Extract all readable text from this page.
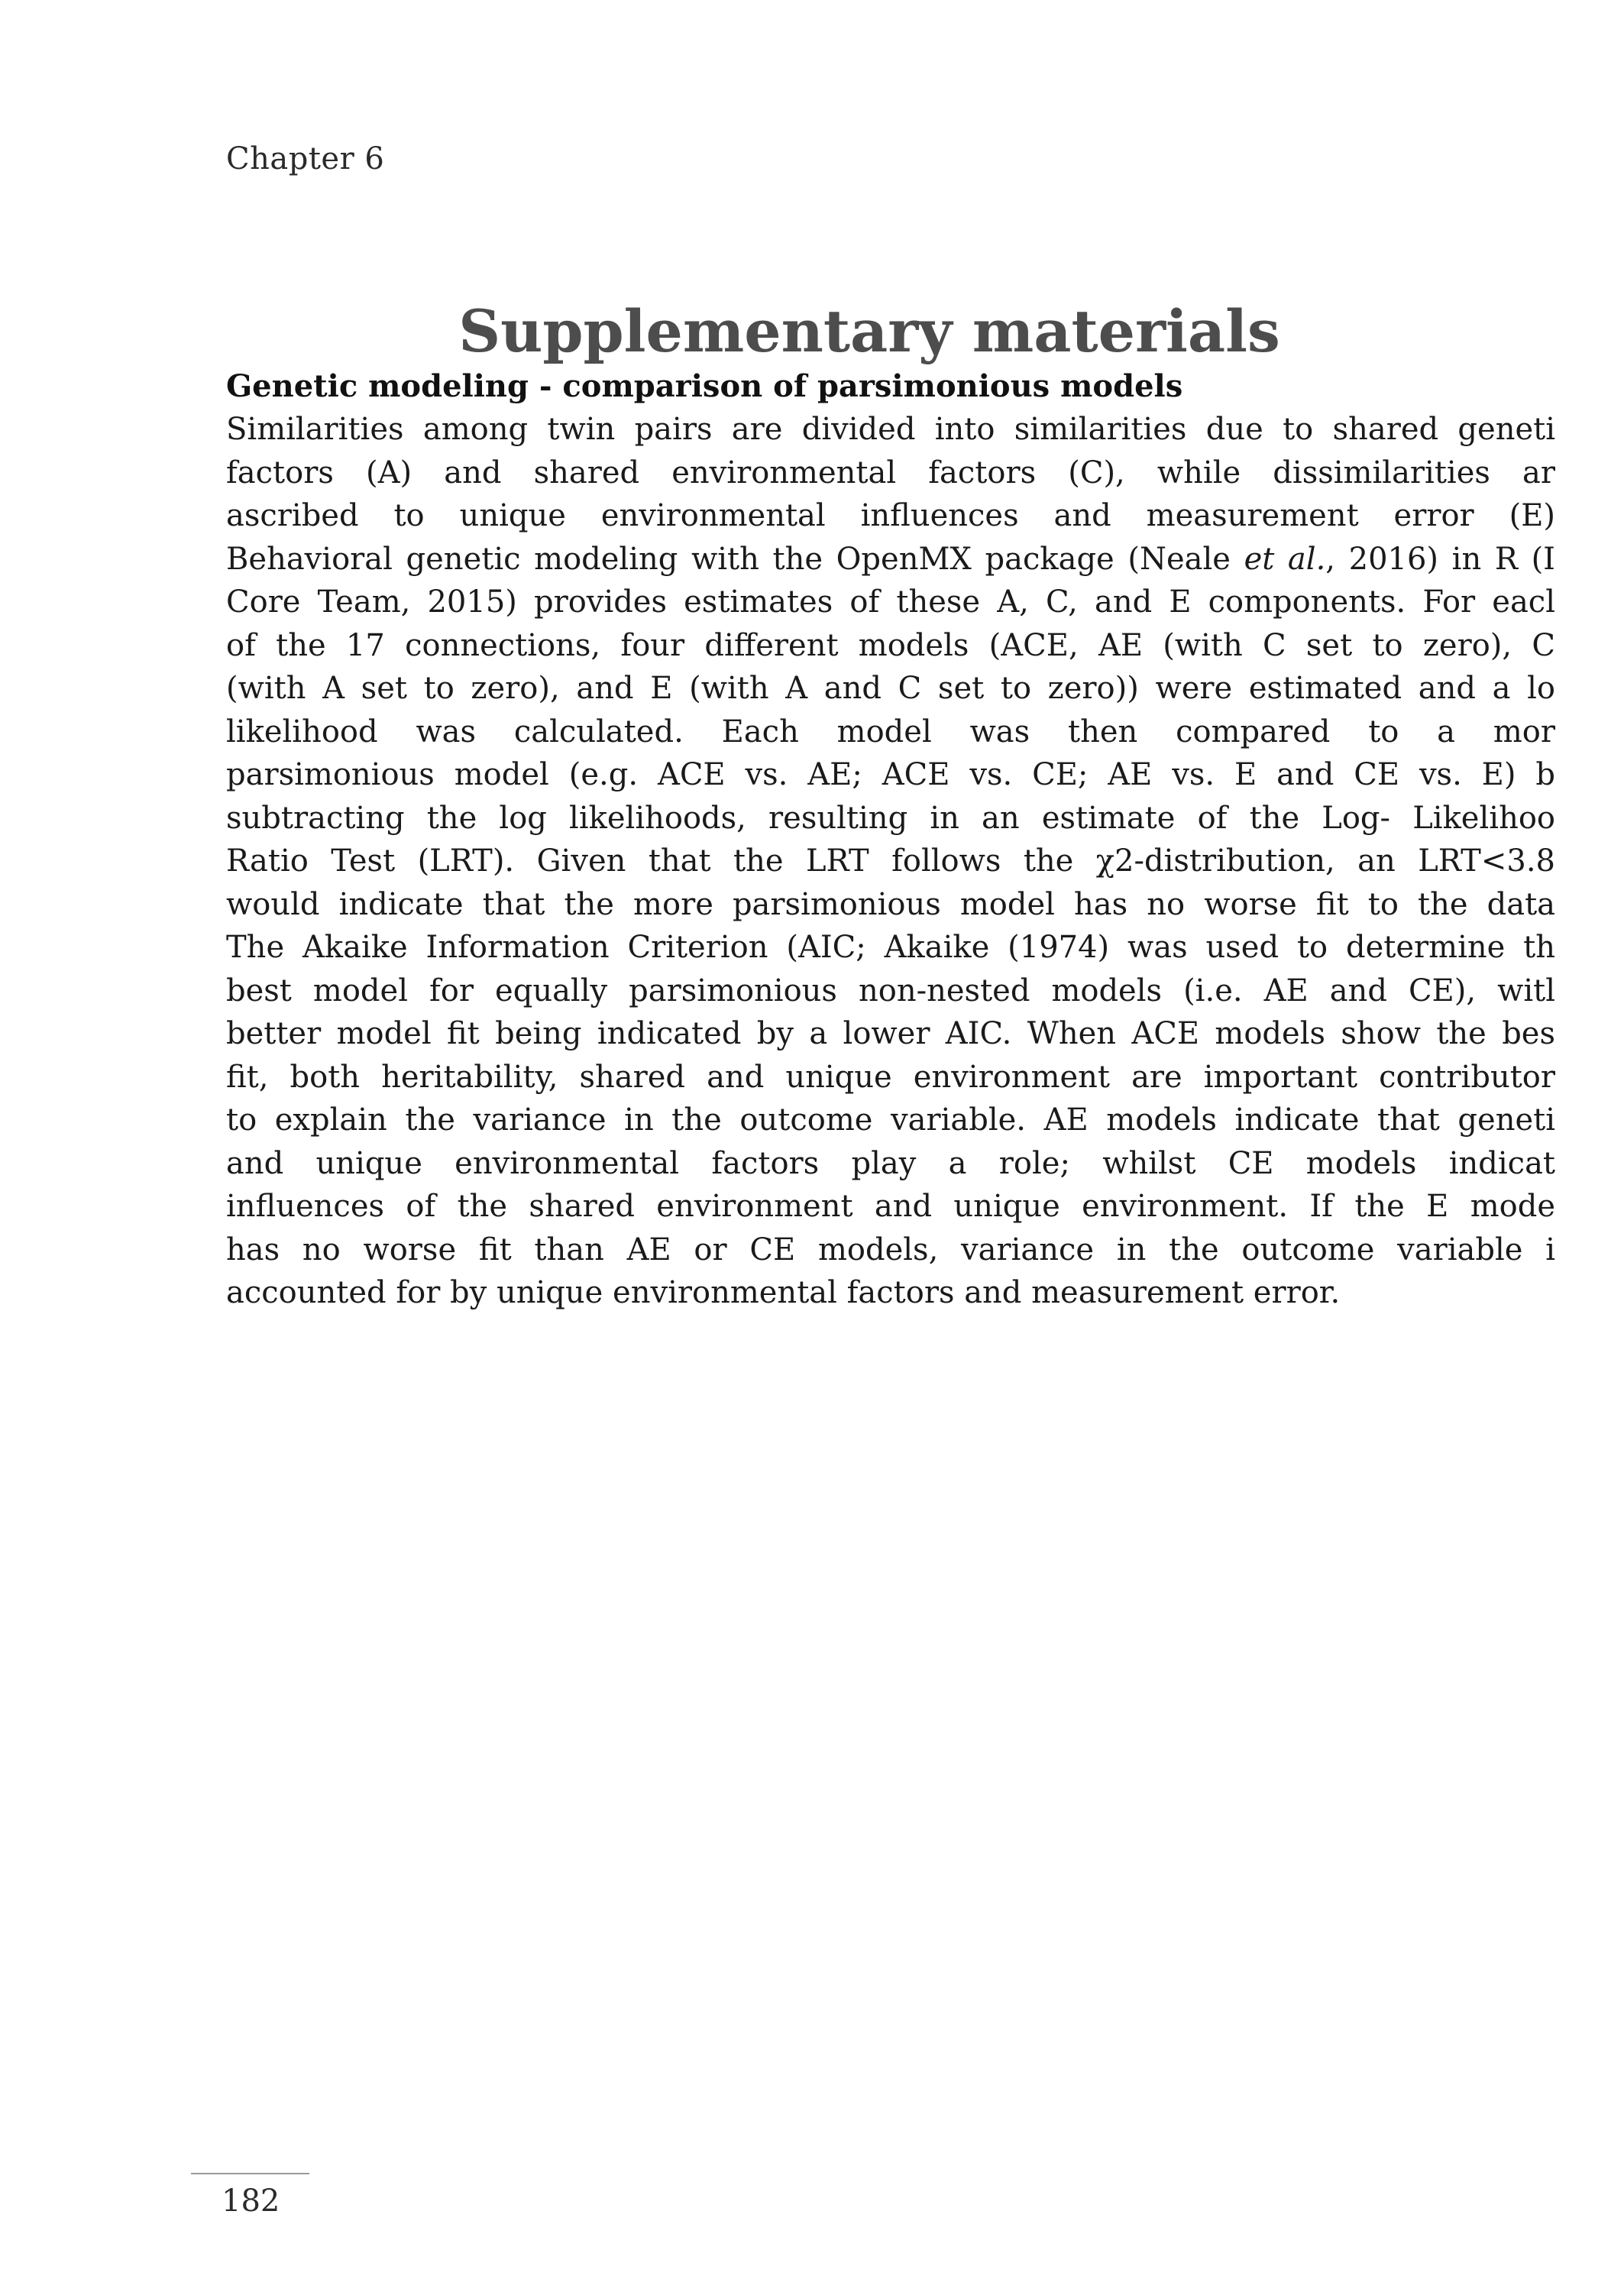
Chapter 6
Supplementary materials
Genetic modeling - comparison of parsimonious models

Similarities among twin pairs are divided into similarities due to shared geneti
factors (A) and shared environmental factors (C), while dissimilarities ar
ascribed to unique environmental influences and measurement error (E)
Behavioral genetic modeling with the OpenMX package (Neale et al., 2016) in R (I
Core Team, 2015) provides estimates of these A, C, and E components. For eacl
of the 17 connections, four different models (ACE, AE (with C set to zero), C
(with A set to zero), and E (with A and C set to zero)) were estimated and a lo
likelihood was calculated. Each model was then compared to a mor
parsimonious model (e.g. ACE vs. AE; ACE vs. CE; AE vs. E and CE vs. E) b
subtracting the log likelihoods, resulting in an estimate of the Log- Likelihoo
Ratio Test (LRT). Given that the LRT follows the χ2-distribution, an LRT<3.8
would indicate that the more parsimonious model has no worse fit to the data
The Akaike Information Criterion (AIC; Akaike (1974) was used to determine th
best model for equally parsimonious non-nested models (i.e. AE and CE), witl
better model fit being indicated by a lower AIC. When ACE models show the bes
fit, both heritability, shared and unique environment are important contributor
to explain the variance in the outcome variable. AE models indicate that geneti
and unique environmental factors play a role; whilst CE models indicat
influences of the shared environment and unique environment. If the E mode
has no worse fit than AE or CE models, variance in the outcome variable i
accounted for by unique environmental factors and measurement error.

182
